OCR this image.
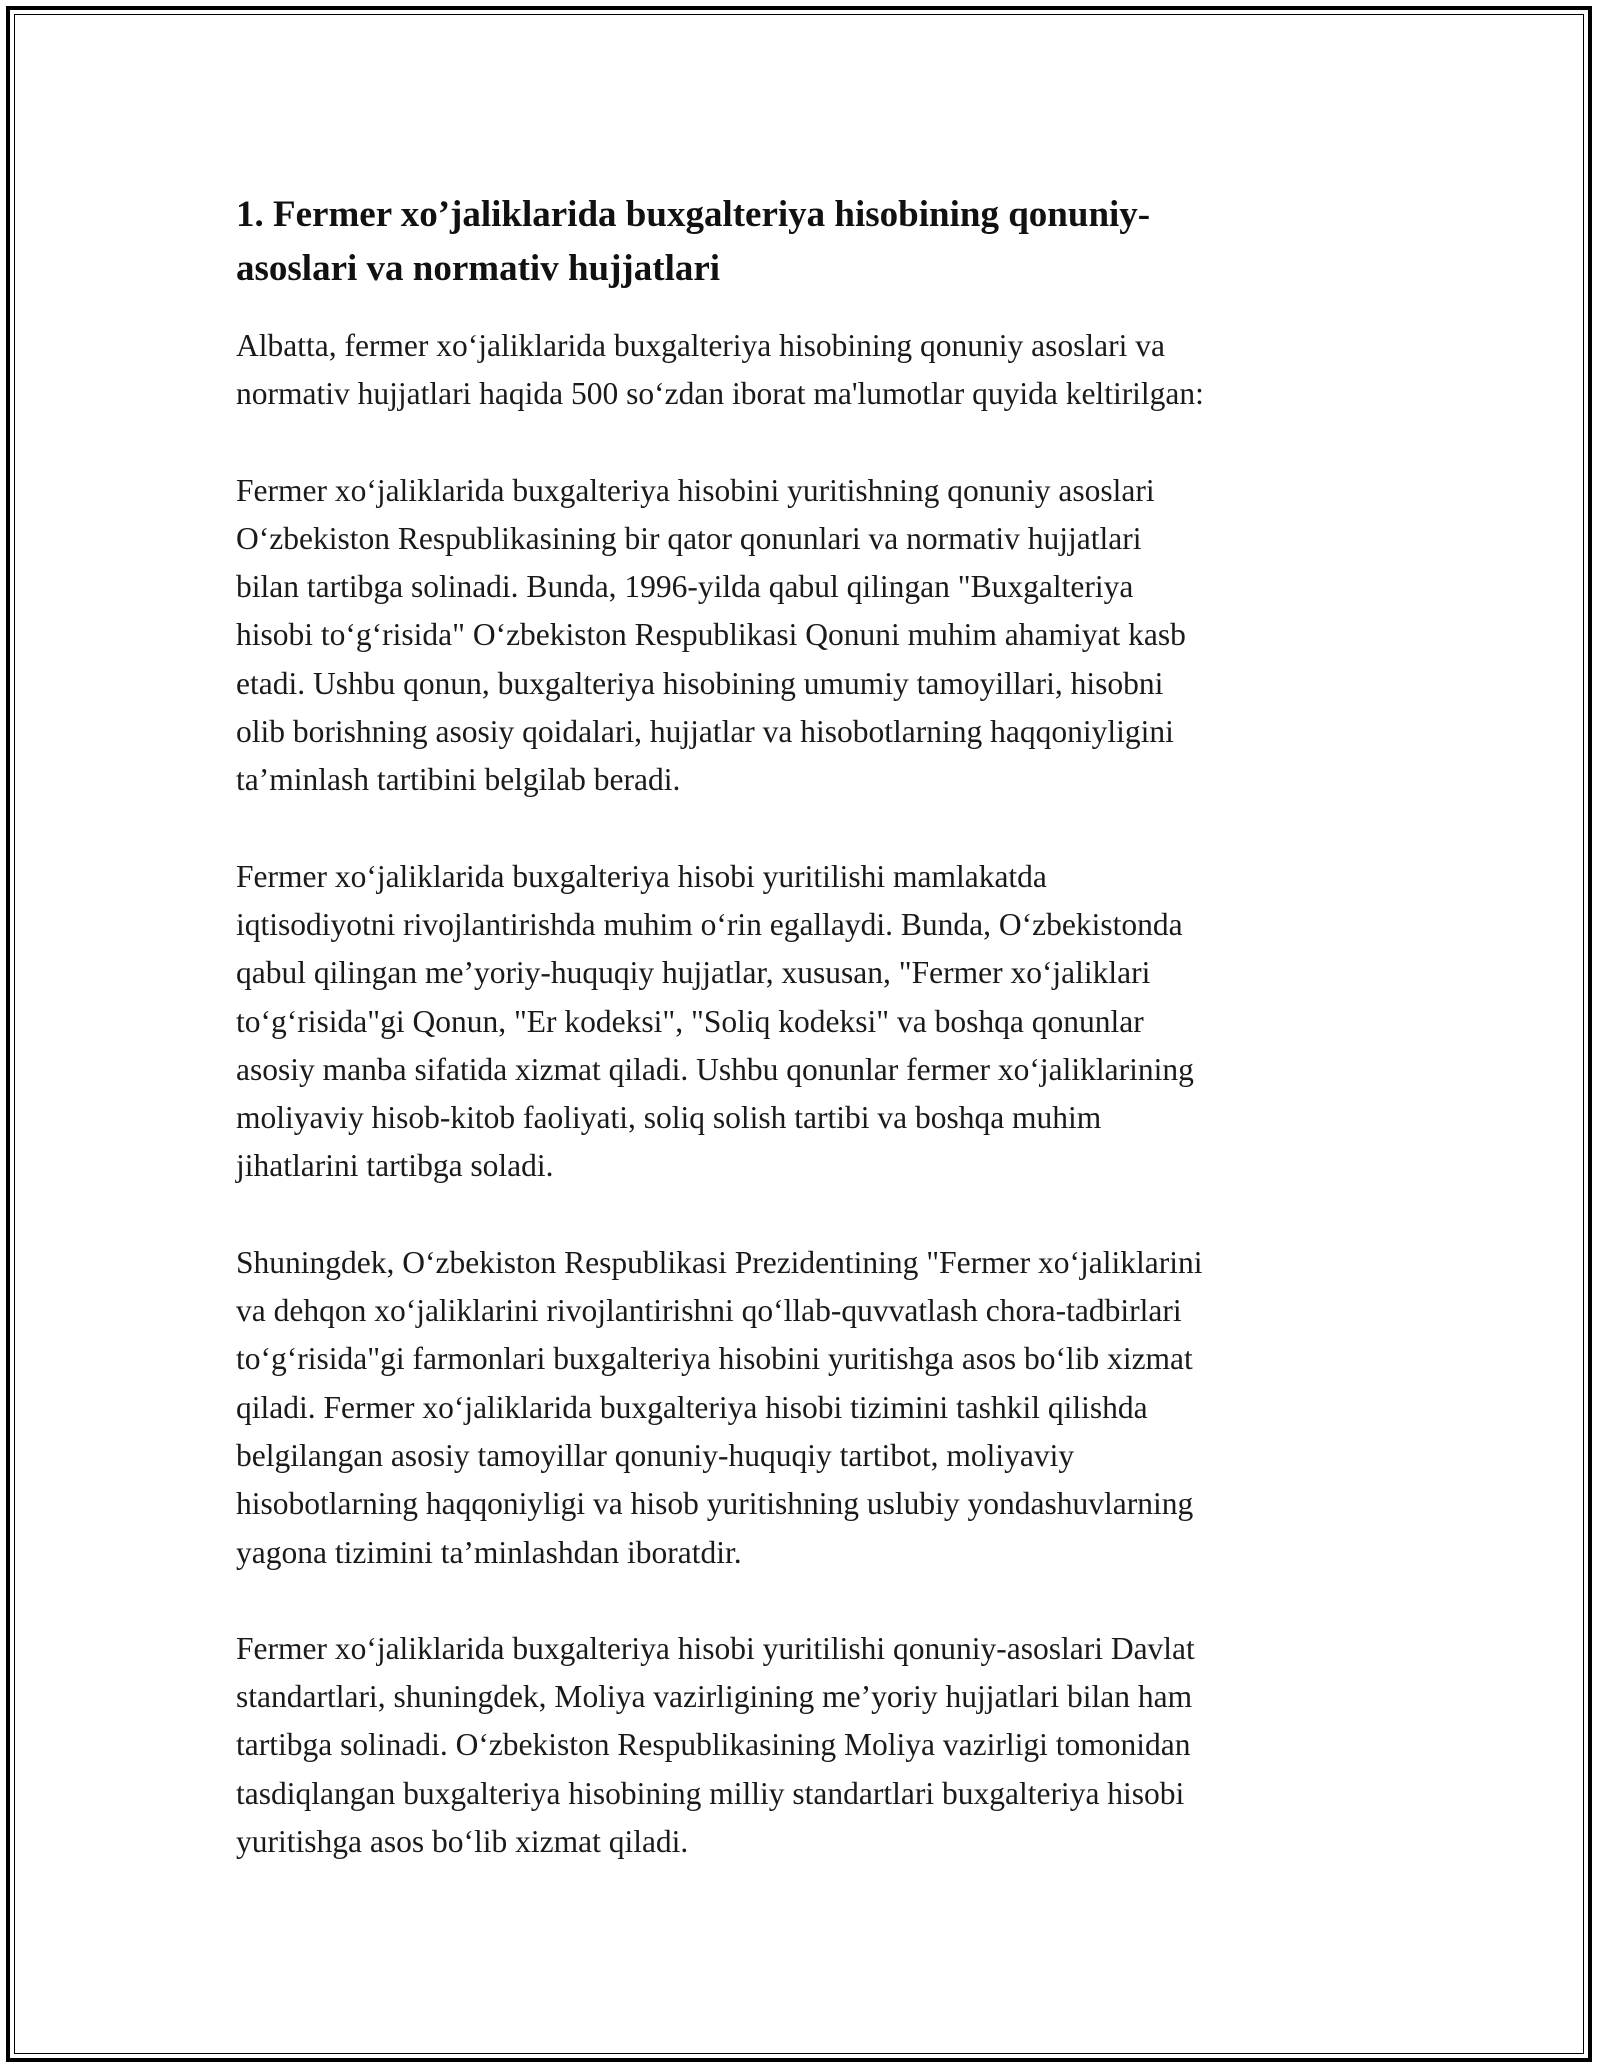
1. Fermer xo’jaliklarida buxgalteriya hisobining qonuniy-
asoslari va normativ hujjatlari

Albatta, fermer xoʻjaliklarida buxgalteriya hisobining qonuniy asoslari va
normativ hujjatlari haqida 500 soʻzdan iborat ma'lumotlar quyida keltirilgan:

Fermer xoʻjaliklarida buxgalteriya hisobini yuritishning qonuniy asoslari
Oʻzbekiston Respublikasining bir qator qonunlari va normativ hujjatlari
bilan tartibga solinadi. Bunda, 1996-yilda qabul qilingan "Buxgalteriya
hisobi toʻgʻrisida" Oʻzbekiston Respublikasi Qonuni muhim ahamiyat kasb
etadi. Ushbu qonun, buxgalteriya hisobining umumiy tamoyillari, hisobni
olib borishning asosiy qoidalari, hujjatlar va hisobotlarning haqqoniyligini
ta’minlash tartibini belgilab beradi.

Fermer xoʻjaliklarida buxgalteriya hisobi yuritilishi mamlakatda
iqtisodiyotni rivojlantirishda muhim oʻrin egallaydi. Bunda, Oʻzbekistonda
qabul qilingan me’yoriy-huquqiy hujjatlar, xususan, "Fermer xoʻjaliklari
toʻgʻrisida"gi Qonun, "Er kodeksi", "Soliq kodeksi" va boshqa qonunlar
asosiy manba sifatida xizmat qiladi. Ushbu qonunlar fermer xoʻjaliklarining
moliyaviy hisob-kitob faoliyati, soliq solish tartibi va boshqa muhim
jihatlarini tartibga soladi.

Shuningdek, Oʻzbekiston Respublikasi Prezidentining "Fermer xoʻjaliklarini
va dehqon xoʻjaliklarini rivojlantirishni qoʻllab-quvvatlash chora-tadbirlari
toʻgʻrisida"gi farmonlari buxgalteriya hisobini yuritishga asos boʻlib xizmat
qiladi. Fermer xoʻjaliklarida buxgalteriya hisobi tizimini tashkil qilishda
belgilangan asosiy tamoyillar qonuniy-huquqiy tartibot, moliyaviy
hisobotlarning haqqoniyligi va hisob yuritishning uslubiy yondashuvlarning
yagona tizimini ta’minlashdan iboratdir.

Fermer xoʻjaliklarida buxgalteriya hisobi yuritilishi qonuniy-asoslari Davlat
standartlari, shuningdek, Moliya vazirligining me’yoriy hujjatlari bilan ham
tartibga solinadi. Oʻzbekiston Respublikasining Moliya vazirligi tomonidan
tasdiqlangan buxgalteriya hisobining milliy standartlari buxgalteriya hisobi
yuritishga asos boʻlib xizmat qiladi.
